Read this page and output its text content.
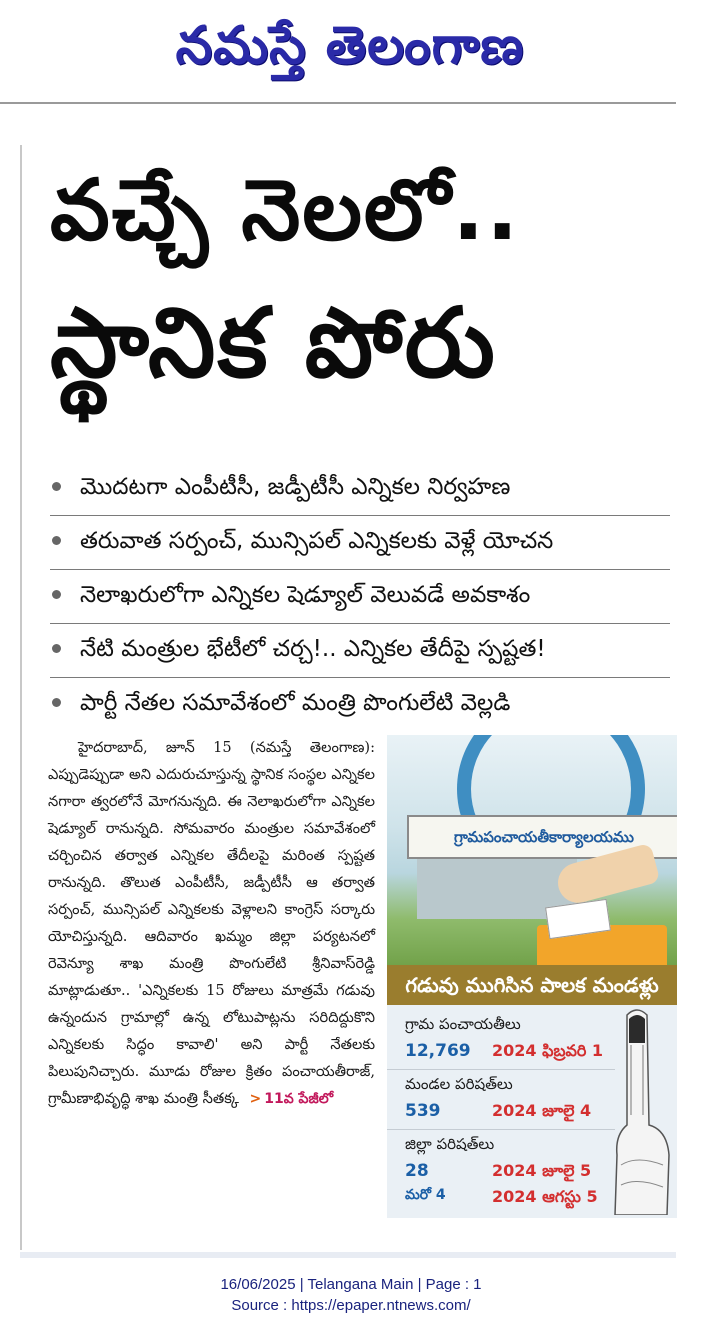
నమస్తే తెలంగాణ
వచ్చే నెలలో..
స్థానిక పోరు
మొదటగా ఎంపీటీసీ, జడ్పీటీసీ ఎన్నికల నిర్వహణ
తరువాత సర్పంచ్, మున్సిపల్ ఎన్నికలకు వెళ్లే యోచన
నెలాఖరులోగా ఎన్నికల షెడ్యూల్ వెలువడే అవకాశం
నేటి మంత్రుల భేటీలో చర్చ!.. ఎన్నికల తేదీపై స్పష్టత!
పార్టీ నేతల సమావేశంలో మంత్రి పొంగులేటి వెల్లడి
హైదరాబాద్, జూన్ 15 (నమస్తే తెలంగాణ): ఎప్పుడెప్పుడా అని ఎదురుచూస్తున్న స్థానిక సంస్థల ఎన్నికల నగారా త్వరలోనే మోగనున్నది. ఈ నెలాఖరులోగా ఎన్నికల షెడ్యూల్ రానున్నది. సోమవారం మంత్రుల సమావేశంలో చర్చించిన తర్వాత ఎన్నికల తేదీలపై మరింత స్పష్టత రానున్నది. తొలుత ఎంపీటీసీ, జడ్పీటీసీ ఆ తర్వాత సర్పంచ్, మున్సిపల్ ఎన్నికలకు వెళ్లాలని కాంగ్రెస్ సర్కారు యోచిస్తున్నది. ఆదివారం ఖమ్మం జిల్లా పర్యటనలో రెవెన్యూ శాఖ మంత్రి పొంగులేటి శ్రీనివాస్‌రెడ్డి మాట్లాడుతూ.. 'ఎన్నికలకు 15 రోజులు మాత్రమే గడువు ఉన్నందున గ్రామాల్లో ఉన్న లోటుపాట్లను సరిదిద్దుకొని ఎన్నికలకు సిద్ధం కావాలి' అని పార్టీ నేతలకు పిలుపునిచ్చారు. మూడు రోజుల క్రితం పంచాయతీరాజ్, గ్రామీణాభివృద్ధి శాఖ మంత్రి సీతక్క > 11వ పేజీలో
గ్రామపంచాయతీకార్యాలయము
గడువు ముగిసిన పాలక మండళ్లు
గ్రామ పంచాయతీలు
12,769 2024 ఫిబ్రవరి 1
మండల పరిషత్‌లు
539	2024 జూలై 4
జిల్లా పరిషత్‌లు
28	2024 జూలై 5
మరో 4	2024 ఆగస్టు 5
16/06/2025 | Telangana Main | Page : 1
Source : https://epaper.ntnews.com/
